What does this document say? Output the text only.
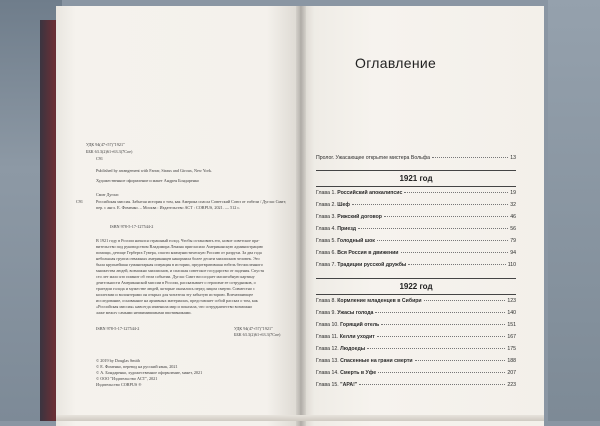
УДК 94(47+57)"1921"
ББК 63.3(2)61+63.3(7Сое)
С91
Published by arrangement with Farrar, Straus and Giroux, New York.
Художественное оформление и макет Андрея Бондаренко
Смит Дуглас
С91	Российская миссия. Забытая история о том, как Америка спасла Советский Союз от гибели / Дуглас Смит; пер. с англ. Е. Фоменко. – Москва : Издательство АСТ : CORPUS, 2021. — 512 с.
ISBN 978-5-17-127544-2
В 1921 году в России начался страшный голод. Чтобы остановить его, новое советское пра-
вительство под руководством Владимира Ленина пригласило Американскую администрацию
помощи, детище Герберта Гувера, спасти коммунистическую Россию от разрухи. За два года
небольшая группа отважных американцев накормила более десяти миллионов человек. Это
была крупнейшая гуманитарная операция в истории, предотвратившая гибель бесчисленного
множества людей, возможно миллионов, и спасшая советское государство от падения. Спустя
сто лет мало кто помнит об этом событии. Дуглас Смит воссоздает масштабную картину
деятельности Американской миссии в России, рассказывает о героизме ее сотрудников, о
трагедии голода и мужестве людей, которые оказались перед лицом смерти. Совместно с
коллегами и волонтерами он открыл для читателя эту забытую историю. Впечатляющее
исследование, основанное на архивных материалах, представляет собой рассказ о том, как
«Российская миссия» навсегда изменила мир и показала, что сотрудничество возможно
даже между самыми непримиримыми противниками.
ISBN 978-5-17-127544-2	УДК 94(47+57)"1921"
ББК 63.3(2)61+63.3(7Сое)
© 2019 by Douglas Smith
© Е. Фоменко, перевод на русский язык, 2021
© А. Бондаренко, художественное оформление, макет, 2021
© ООО "Издательство АСТ", 2021
Издательство CORPUS ®
Оглавление
Пролог. Ужасающее открытие мистера Вольфа	13
1921 год
Глава 1. Российский апокалипсис	19
Глава 2. Шеф	32
Глава 3. Рижский договор	46
Глава 4. Приезд	56
Глава 5. Голодный шок	79
Глава 6. Вся Россия в движении	94
Глава 7. Традиции русской дружбы	110
1922 год
Глава 8. Кормление младенцев в Сибири	123
Глава 9. Ужасы голода	140
Глава 10. Горящий отель	151
Глава 11. Келли уходит	167
Глава 12. Людоеды	175
Глава 13. Спасенные на грани смерти	188
Глава 14. Смерть в Уфе	207
Глава 15. "АРА!"	223
